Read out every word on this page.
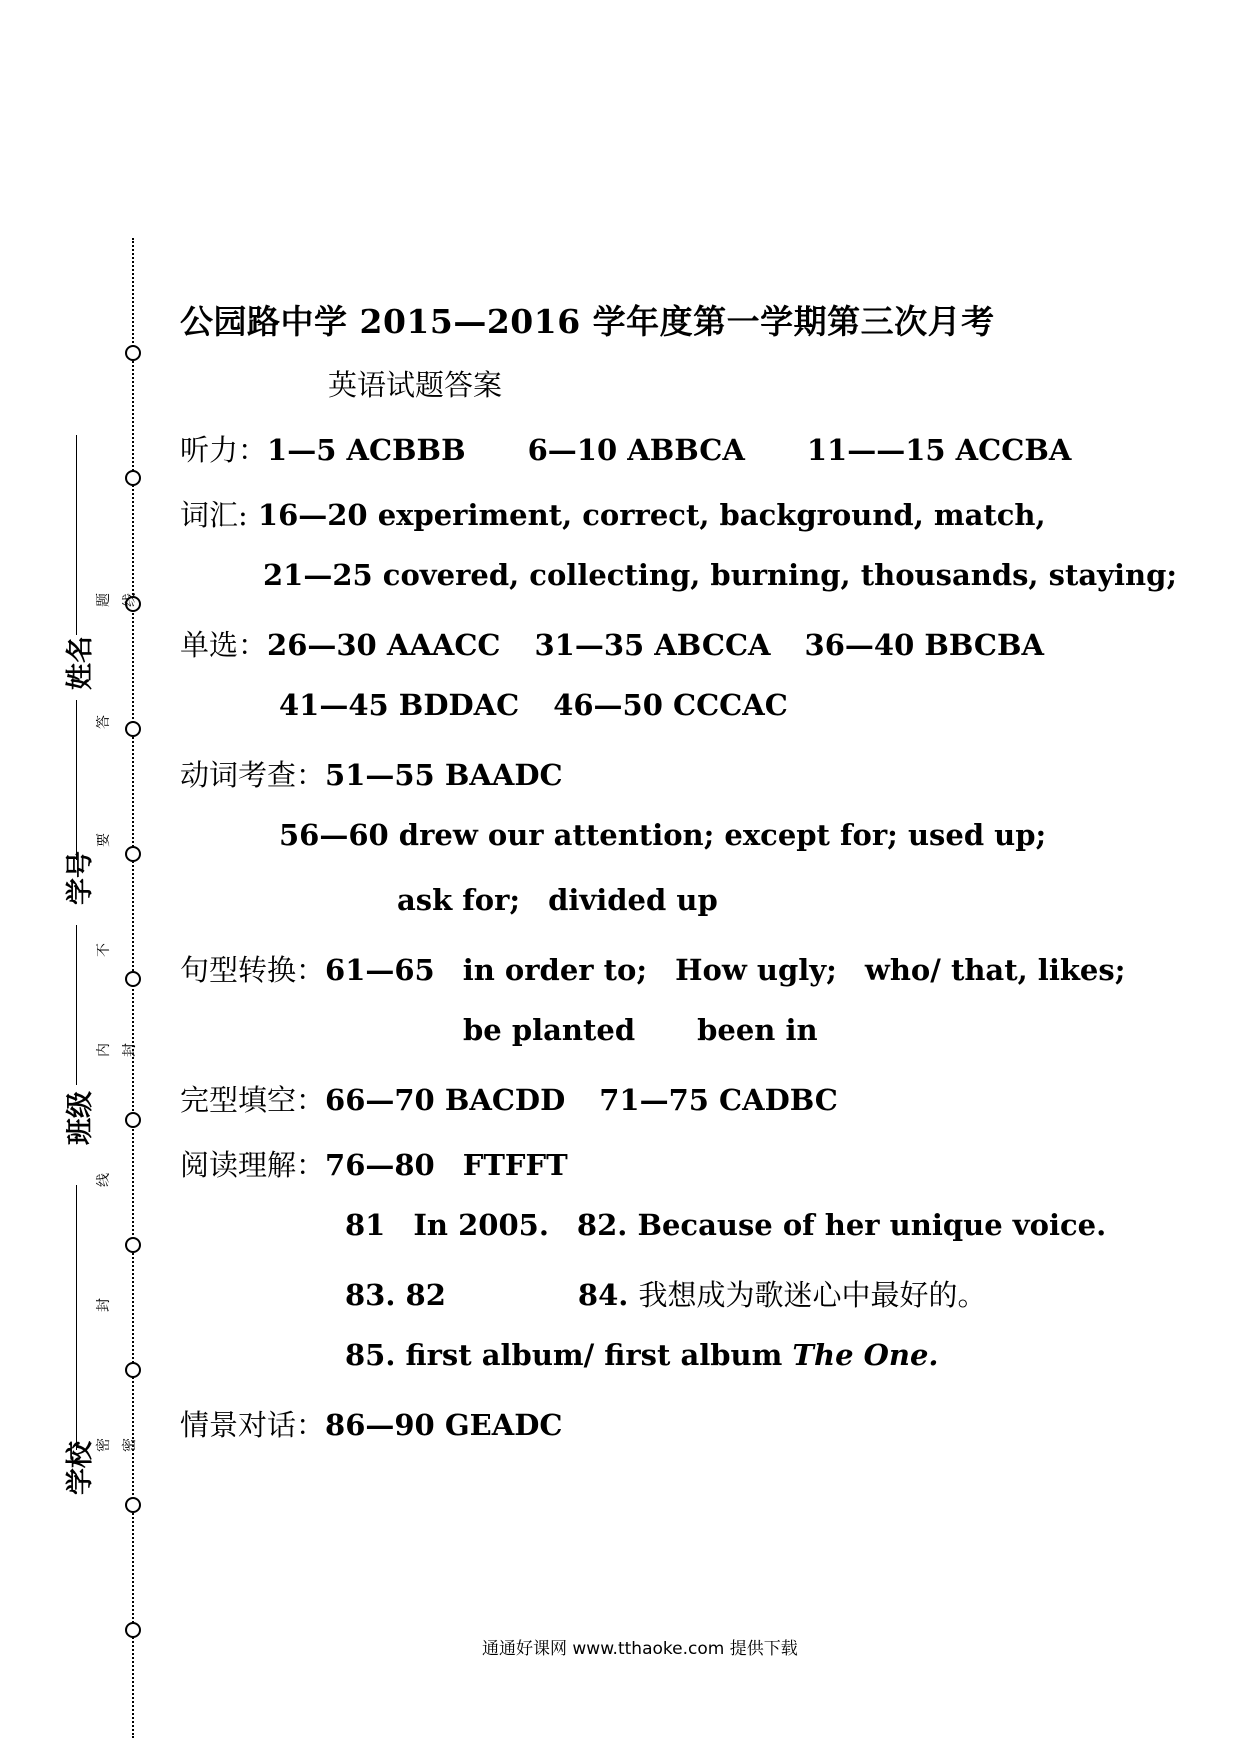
姓名
学号
班级
学校
题 线
答
要
不
内 封
线
封
密 密
公园路中学 2015—2016 学年度第一学期第三次月考
英语试题答案
听力：1—5 ACBBB 6—10 ABBCA 11——15 ACCBA
词汇: 16—20 experiment, correct, background, match,
21—25 covered, collecting, burning, thousands, staying;
单选：26—30 AAACC 31—35 ABCCA 36—40 BBCBA
41—45 BDDAC 46—50 CCCAC
动词考查：51—55 BAADC
56—60 drew our attention; except for; used up;
ask for; divided up
句型转换：61—65 in order to; How ugly; who/ that, likes;
be planted been in
完型填空：66—70 BACDD 71—75 CADBC
阅读理解：76—80 FTFFT
81 In 2005. 82. Because of her unique voice.
83. 82	84. 我想成为歌迷心中最好的。
85. first album/ first album The One.
情景对话：86—90 GEADC
通通好课网 www.tthaoke.com 提供下载
